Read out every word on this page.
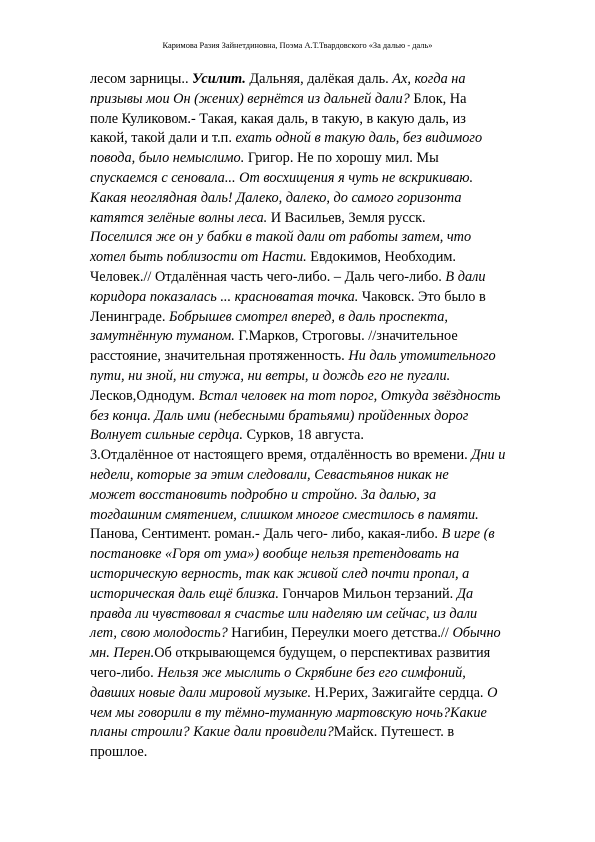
Каримова Разия Зайнетдиновна, Поэма А.Т.Твардовского «За далью - даль»
лесом зарницы.. Усилит. Дальняя, далёкая даль. Ах, когда на
призывы мои Он (жених) вернётся из дальней дали? Блок, На
поле Куликовом.- Такая, какая даль, в такую, в какую даль, из
какой, такой дали и т.п. ехать одной в такую даль, без видимого
повода, было немыслимо. Григор. Не по хорошу мил. Мы
спускаемся с сеновала... От восхищения я чуть не вскрикиваю.
Какая неоглядная даль! Далеко, далеко, до самого горизонта
катятся зелёные волны леса. И Васильев, Земля русск.
Поселился же он у бабки в такой дали от работы затем, что
хотел быть поблизости от Насти. Евдокимов, Необходим.
Человек.// Отдалённая часть чего-либо. – Даль чего-либо. В дали
коридора показалась ... красноватая точка. Чаковск. Это было в
Ленинграде. Бобрышев смотрел вперед, в даль проспекта,
замутнённую туманом. Г.Марков, Строговы. //значительное
расстояние, значительная протяженность. Ни даль утомительного
пути, ни зной, ни стужа, ни ветры, и дождь его не пугали.
Лесков,Однодум. Встал человек на тот порог, Откуда звёздность
без конца. Даль ими (небесными братьями) пройденных дорог
Волнует сильные сердца. Сурков, 18 августа.
3.Отдалённое от настоящего время, отдалённость во времени. Дни и
недели, которые за этим следовали, Севастьянов никак не
может восстановить подробно и стройно. За далью, за
тогдашним смятением, слишком многое сместилось в памяти.
Панова, Сентимент. роман.- Даль чего- либо, какая-либо. В игре (в
постановке «Горя от ума») вообще нельзя претендовать на
историческую верность, так как живой след почти пропал, а
историческая даль ещё близка. Гончаров Мильон терзаний. Да
правда ли чувствовал я счастье или наделяю им сейчас, из дали
лет, свою молодость? Нагибин, Переулки моего детства.// Обычно
мн. Перен.Об открывающемся будущем, о перспективах развития
чего-либо. Нельзя же мыслить о Скрябине без его симфоний,
давших новые дали мировой музыке. Н.Рерих, Зажигайте сердца. О
чем мы говорили в ту тёмно-туманную мартовскую ночь?Какие
планы строили? Какие дали провидели?Майск. Путешест. в
прошлое.
